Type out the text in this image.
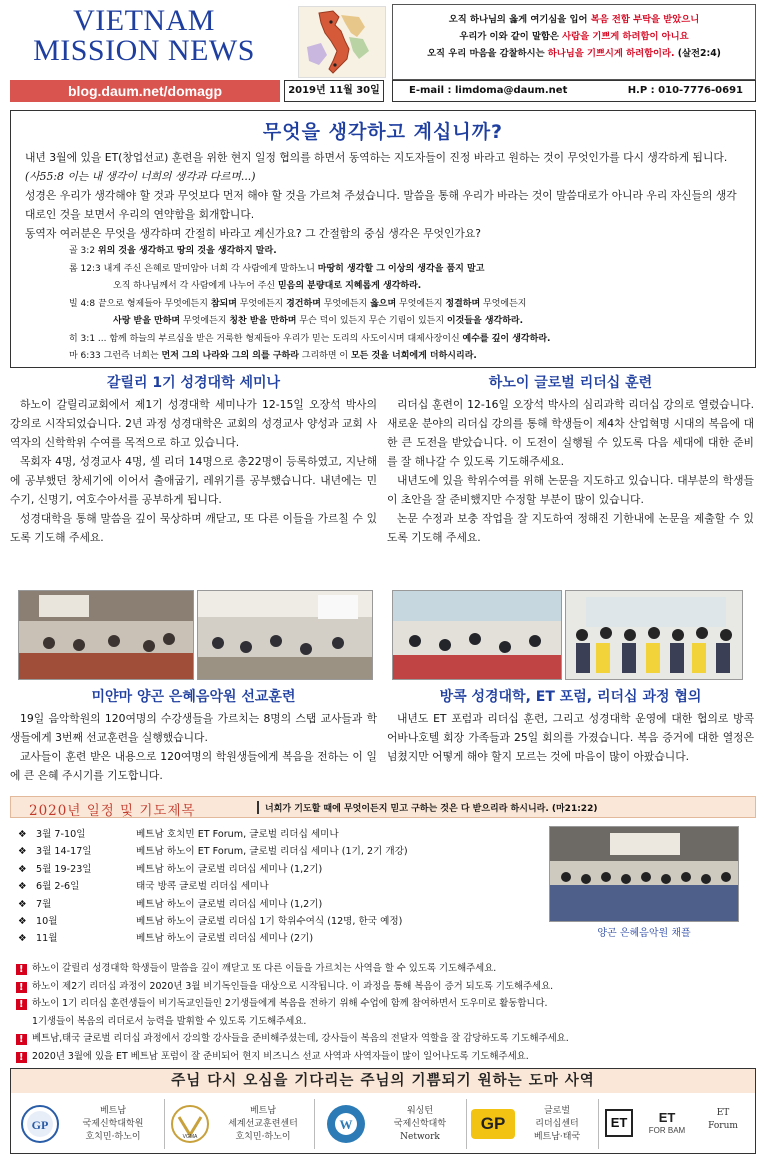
VIETNAM
MISSION NEWS
오직 하나님의 옳게 여기심을 입어 복음 전함 부탁을 받았으니
우리가 이와 같이 말함은 사람을 기쁘게 하려함이 아니요
오직 우리 마음을 감찰하시는 하나님을 기쁘시게 하려함이라. (살전2:4)
blog.daum.net/domagp	2019년 11월 30일	E-mail : limdoma@daum.net	H.P : 010-7776-0691
무엇을 생각하고 계십니까?

내년 3월에 있을 ET(창업선교) 훈련을 위한 현지 일정 협의를 하면서 동역하는 지도자들이 진정 바라고 원하는 것이 무엇인가를 다시 생각하게 됩니다. (사55:8 이는 내 생각이 너희의 생각과 다르며...)

성경은 우리가 생각해야 할 것과 무엇보다 먼저 해야 할 것을 가르쳐 주셨습니다. 말씀을 통해 우리가 바라는 것이 말씀대로가 아니라 우리 자신들의 생각대로인 것을 보면서 우리의 연약함을 회개합니다.

동역자 여러분은 무엇을 생각하며 간절히 바라고 계신가요? 그 간절함의 중심 생각은 무엇인가요?

골 3:2 위의 것을 생각하고 땅의 것을 생각하지 말라.
롬 12:3 내게 주신 은혜로 말미암아 너희 각 사람에게 말하노니 마땅히 생각할 그 이상의 생각을 품지 말고
오직 하나님께서 각 사람에게 나누어 주신 믿음의 분량대로 지혜롭게 생각하라.
빌 4:8 끝으로 형제들아 무엇에든지 참되며 무엇에든지 경건하며 무엇에든지 옳으며 무엇에든지 정결하며 무엇에든지
사랑 받을 만하며 무엇에든지 칭찬 받을 만하며 무슨 덕이 있든지 무슨 기림이 있든지 이것들을 생각하라.
히 3:1 ... 함께 하늘의 부르심을 받은 거룩한 형제들아 우리가 믿는 도리의 사도이시며 대제사장이신 예수를 깊이 생각하라.
마 6:33 그런즉 너희는 먼저 그의 나라와 그의 의를 구하라 그리하면 이 모든 것을 너희에게 더하시리라.
갈릴리 1기 성경대학 세미나

하노이 갈릴리교회에서 제1기 성경대학 세미나가 12-15일 오장석 박사의 강의로 시작되었습니다. 2년 과정 성경대학은 교회의 성경교사 양성과 교회 사역자의 신학학위 수여를 목적으로 하고 있습니다.

목회자 4명, 성경교사 4명, 셀 리더 14명으로 총22명이 등록하였고, 지난해에 공부했던 창세기에 이어서 출애굽기, 레위기를 공부했습니다. 내년에는 민수기, 신명기, 여호수아서를 공부하게 됩니다.

성경대학을 통해 말씀을 깊이 묵상하며 깨닫고, 또 다른 이들을 가르칠 수 있도록 기도해 주세요.

하노이 글로벌 리더십 훈련

리더십 훈련이 12-16일 오장석 박사의 심리과학 리더십 강의로 열렸습니다. 새로운 분야의 리더십 강의를 통해 학생들이 제4차 산업혁명 시대의 복음에 대한 큰 도전을 받았습니다. 이 도전이 실행될 수 있도록 다음 세대에 대한 준비를 잘 해나갈 수 있도록 기도해주세요.

내년도에 있을 학위수여를 위해 논문을 지도하고 있습니다. 대부분의 학생들이 초안을 잘 준비했지만 수정할 부분이 많이 있습니다.

논문 수정과 보충 작업을 잘 지도하여 정해진 기한내에 논문을 제출할 수 있도록 기도해 주세요.

미얀마 양곤 은혜음악원 선교훈련

19일 음악학원의 120여명의 수강생들을 가르치는 8명의 스탭 교사들과 학생들에게 3번째 선교훈련을 실행했습니다.

교사들이 훈련 받은 내용으로 120여명의 학원생들에게 복음을 전하는 이 일에 큰 은혜 주시기를 기도합니다.

방콕 성경대학, ET 포럼, 리더십 과정 협의

내년도 ET 포럼과 리더십 훈련, 그리고 성경대학 운영에 대한 협의로 방콕 어바나호텔 회장 가족들과 25일 회의를 가졌습니다. 복음 증거에 대한 열정은 넘쳤지만 어떻게 해야 할지 모르는 것에 마음이 많이 아팠습니다.

2020년 일정 및 기도제목	너희가 기도할 때에 무엇이든지 믿고 구하는 것은 다 받으리라 하시니라. (마21:22)
❖ 3월 7-10일	베트남 호치민 ET Forum, 글로벌 리더십 세미나
❖ 3월 14-17일	베트남 하노이 ET Forum, 글로벌 리더십 세미나 (1기, 2기 개강)
❖ 5월 19-23일	베트남 하노이 글로벌 리더십 세미나 (1,2기)
❖ 6월 2-6일	태국 방콕 글로벌 리더십 세미나
❖ 7월	베트남 하노이 글로벌 리더십 세미나 (1,2기)
❖ 10월	베트남 하노이 글로벌 리더십 1기 학위수여식 (12명, 한국 예정)
❖ 11월	베트남 하노이 글로벌 리더십 세미나 (2기)	양곤 은혜음악원 채플
!
하노이 갈릴리 성경대학 학생들이 말씀을 깊이 깨닫고 또 다른 이들을 가르치는 사역을 할 수 있도록 기도해주세요.
!
하노이 제2기 리더십 과정이 2020년 3월 비기독인들을 대상으로 시작됩니다. 이 과정을 통해 복음이 증거 되도록 기도해주세요.
!
하노이 1기 리더십 훈련생들이 비기독교인들인 2기생들에게 복음을 전하기 위해 수업에 함께 참여하면서 도우미로 활동합니다.
1기생들이 복음의 리더로서 능력을 발휘할 수 있도록 기도해주세요.
!
베트남,태국 글로벌 리더십 과정에서 강의할 강사들을 준비해주셨는데, 강사들이 복음의 전달자 역할을 잘 감당하도록 기도해주세요.
!
2020년 3월에 있을 ET 베트남 포럼이 잘 준비되어 현지 비즈니스 선교 사역과 사역자들이 많이 일어나도록 기도해주세요.
주님 다시 오심을 기다리는 주님의 기쁨되기 원하는 도마 사역
GP
베트남
국제신학대학원
호치민·하노이	VGMA
베트남
세계선교훈련센터
호치민·하노이
W
워싱턴
국제신학대학
Network
GP
글로벌
리더십센터
베트남·태국
ET	ET
FOR BAM
ET
Forum
